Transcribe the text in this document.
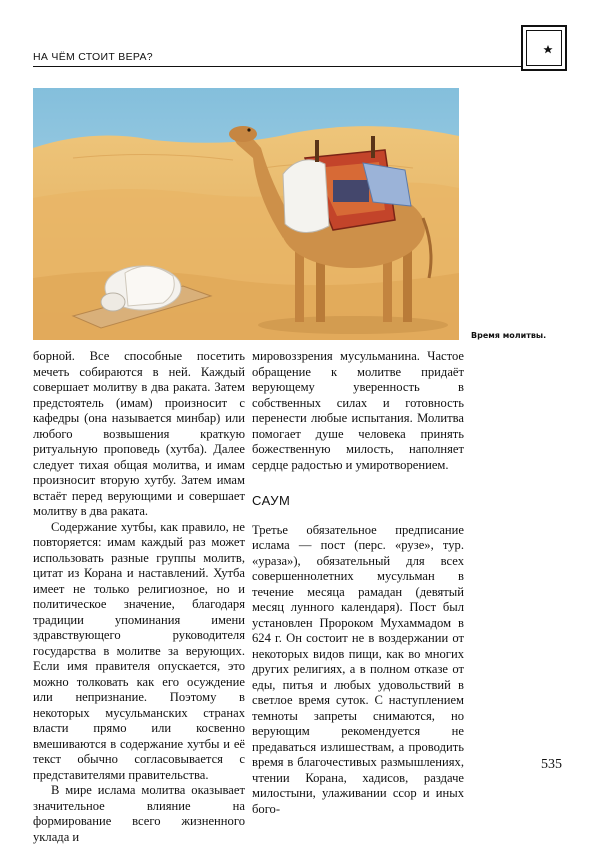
НА ЧЁМ СТОИТ ВЕРА?
Время молитвы.

борной. Все способные посетить мечеть собираются в ней. Каждый совершает молитву в два раката. Затем предстоятель (имам) произносит с кафедры (она называется минбар) или любого возвышения краткую ритуальную проповедь (хутба). Далее следует тихая общая молитва, и имам произносит вторую хутбу. Затем имам встаёт перед верующими и совершает молитву в два раката.

Содержание хутбы, как правило, не повторяется: имам каждый раз может использовать разные группы молитв, цитат из Корана и наставлений. Хутба имеет не только религиозное, но и политическое значение, благодаря традиции упоминания имени здравствующего руководителя государства в молитве за верующих. Если имя правителя опускается, это можно толковать как его осуждение или непризнание. Поэтому в некоторых мусульманских странах власти прямо или косвенно вмешиваются в содержание хутбы и её текст обычно согласовывается с представителями правительства.

В мире ислама молитва оказывает значительное влияние на формирование всего жизненного уклада и

мировоззрения мусульманина. Частое обращение к молитве придаёт верующему уверенность в собственных силах и готовность перенести любые испытания. Молитва помогает душе человека принять божественную милость, наполняет сердце радостью и умиротворением.

САУМ

Третье обязательное предписание ислама — пост (перс. «рузе», тур. «ураза»), обязательный для всех совершеннолетних мусульман в течение месяца рамадан (девятый месяц лунного календаря). Пост был установлен Пророком Мухаммадом в 624 г. Он состоит не в воздержании от некоторых видов пищи, как во многих других религиях, а в полном отказе от еды, питья и любых удовольствий в светлое время суток. С наступлением темноты запреты снимаются, но верующим рекомендуется не предаваться излишествам, а проводить время в благочестивых размышлениях, чтении Корана, хадисов, раздаче милостыни, улаживании ссор и иных бого-

535
